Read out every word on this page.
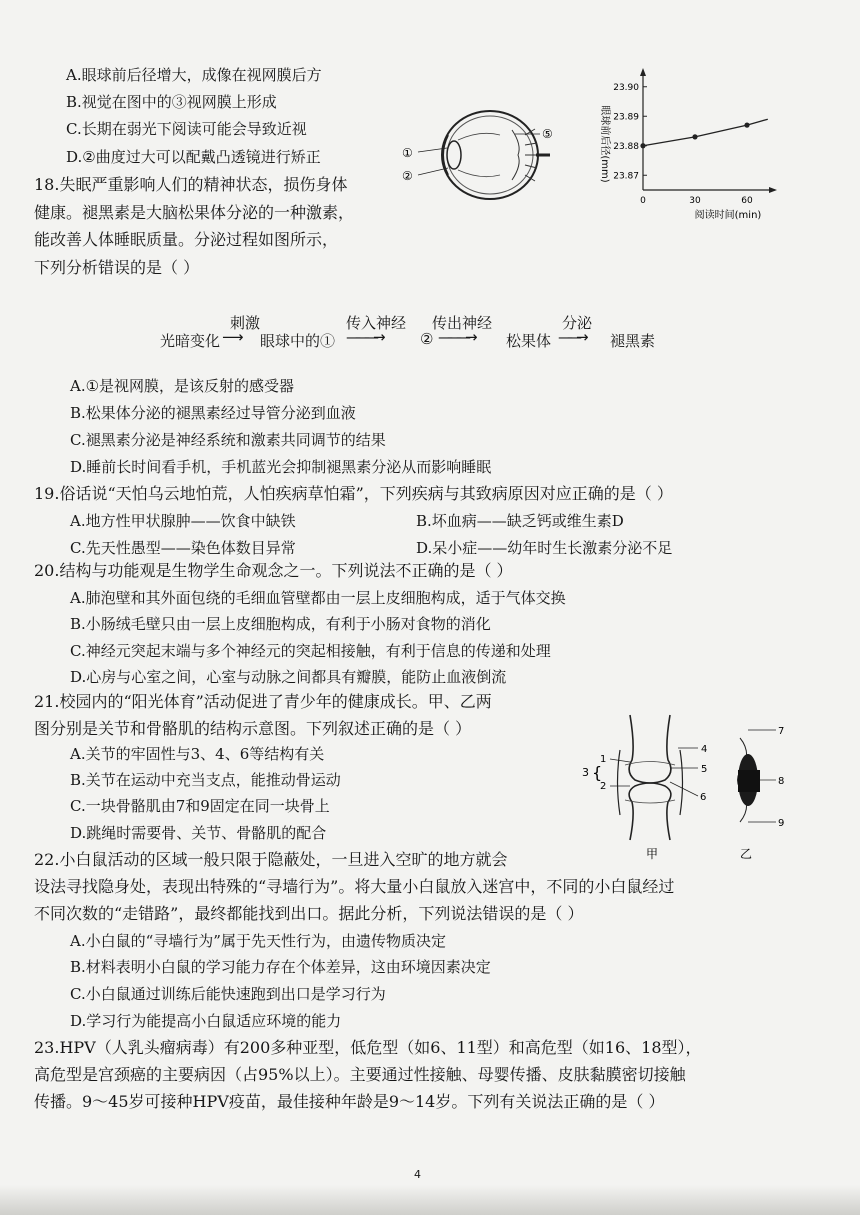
A.眼球前后径增大，成像在视网膜后方
B.视觉在图中的③视网膜上形成
C.长期在弱光下阅读可能会导致近视
D.②曲度过大可以配戴凸透镜进行矫正	①
②
⑤	眼球前后径(mm)
23.90
23.89
23.88
23.87
0	30	60
阅读时间(min)
18.失眠严重影响人们的精神状态，损伤身体
健康。褪黑素是大脑松果体分泌的一种激素，
能改善人体睡眠质量。分泌过程如图所示，
下列分析错误的是（ ）
光暗变化
刺激
⟶ 眼球中的①
传入神经
———→	②
传出神经
———→ 松果体
分泌
——→ 褪黑素
A.①是视网膜，是该反射的感受器
B.松果体分泌的褪黑素经过导管分泌到血液
C.褪黑素分泌是神经系统和激素共同调节的结果
D.睡前长时间看手机，手机蓝光会抑制褪黑素分泌从而影响睡眠
19.俗话说“天怕乌云地怕荒，人怕疾病草怕霜”，下列疾病与其致病原因对应正确的是（ ）
A.地方性甲状腺肿——饮食中缺铁	B.坏血病——缺乏钙或维生素D
C.先天性愚型——染色体数目异常	D.呆小症——幼年时生长激素分泌不足
20.结构与功能观是生物学生命观念之一。下列说法不正确的是（ ）
A.肺泡壁和其外面包绕的毛细血管壁都由一层上皮细胞构成，适于气体交换
B.小肠绒毛壁只由一层上皮细胞构成，有利于小肠对食物的消化
C.神经元突起末端与多个神经元的突起相接触，有利于信息的传递和处理
D.心房与心室之间，心室与动脉之间都具有瓣膜，能防止血液倒流
21.校园内的“阳光体育”活动促进了青少年的健康成长。甲、乙两
图分别是关节和骨骼肌的结构示意图。下列叙述正确的是（ ）
A.关节的牢固性与3、4、6等结构有关
B.关节在运动中充当支点，能推动骨运动
C.一块骨骼肌由7和9固定在同一块骨上
D.跳绳时需要骨、关节、骨骼肌的配合
1
2
3 {
4
5
6
7
8
9
甲	乙
22.小白鼠活动的区域一般只限于隐蔽处，一旦进入空旷的地方就会
设法寻找隐身处，表现出特殊的“寻墙行为”。将大量小白鼠放入迷宫中，不同的小白鼠经过
不同次数的“走错路”，最终都能找到出口。据此分析，下列说法错误的是（ ）
A.小白鼠的“寻墙行为”属于先天性行为，由遗传物质决定
B.材料表明小白鼠的学习能力存在个体差异，这由环境因素决定
C.小白鼠通过训练后能快速跑到出口是学习行为
D.学习行为能提高小白鼠适应环境的能力
23.HPV（人乳头瘤病毒）有200多种亚型，低危型（如6、11型）和高危型（如16、18型），
高危型是宫颈癌的主要病因（占95%以上）。主要通过性接触、母婴传播、皮肤黏膜密切接触
传播。9～45岁可接种HPV疫苗，最佳接种年龄是9～14岁。下列有关说法正确的是（ ）
4
